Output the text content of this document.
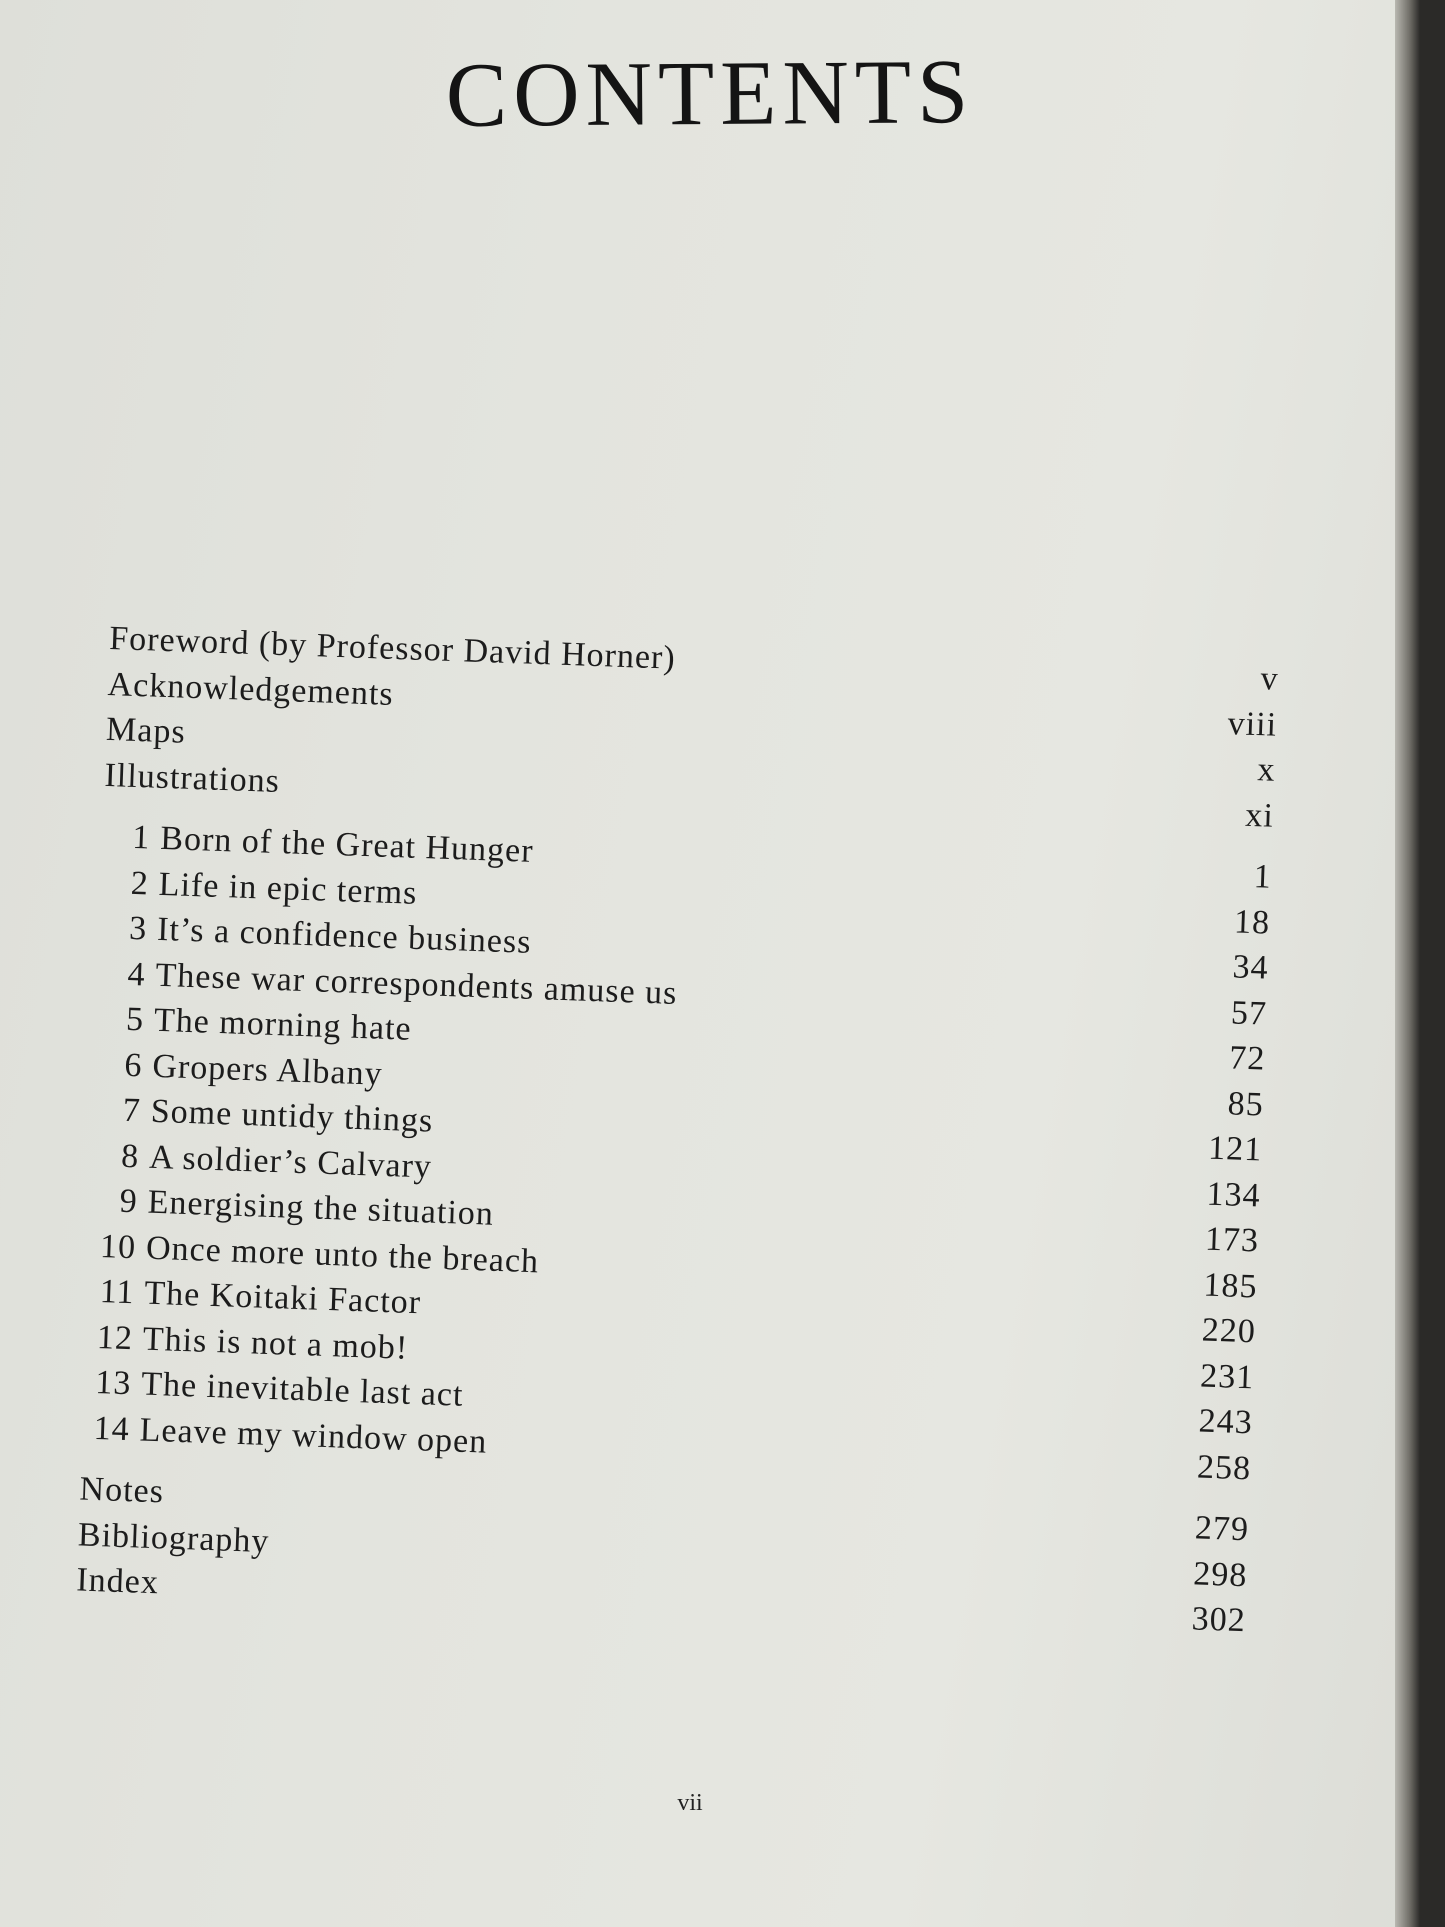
CONTENTS
Foreword (by Professor David Horner)
v
Acknowledgements
viii
Maps
x
Illustrations
xi
1 Born of the Great Hunger
1
2 Life in epic terms
18
3 It’s a confidence business
34
4 These war correspondents amuse us
57
5 The morning hate
72
6 Gropers Albany
85
7 Some untidy things
121
8 A soldier’s Calvary
134
9 Energising the situation
173
10 Once more unto the breach
185
11 The Koitaki Factor
220
12 This is not a mob!
231
13 The inevitable last act
243
14 Leave my window open
258
Notes
279
Bibliography
298
Index
302
vii
